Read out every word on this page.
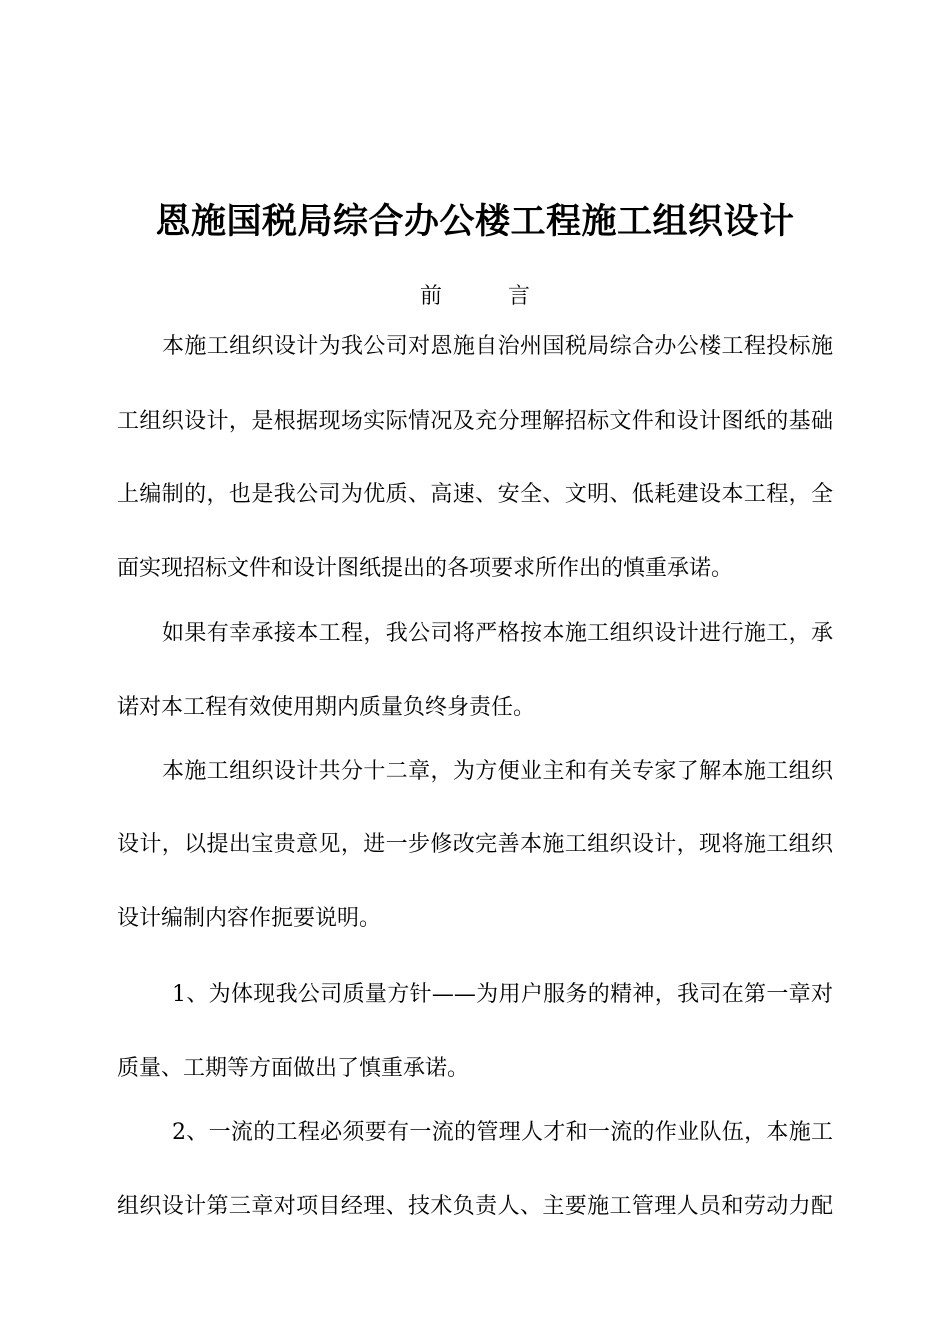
恩施国税局综合办公楼工程施工组织设计
前　　　言
本施工组织设计为我公司对恩施自治州国税局综合办公楼工程投标施
工组织设计，是根据现场实际情况及充分理解招标文件和设计图纸的基础
上编制的，也是我公司为优质、高速、安全、文明、低耗建设本工程，全
面实现招标文件和设计图纸提出的各项要求所作出的慎重承诺。
如果有幸承接本工程，我公司将严格按本施工组织设计进行施工，承
诺对本工程有效使用期内质量负终身责任。
本施工组织设计共分十二章，为方便业主和有关专家了解本施工组织
设计，以提出宝贵意见，进一步修改完善本施工组织设计，现将施工组织
设计编制内容作扼要说明。
1、为体现我公司质量方针——为用户服务的精神，我司在第一章对
质量、工期等方面做出了慎重承诺。
2、一流的工程必须要有一流的管理人才和一流的作业队伍，本施工
组织设计第三章对项目经理、技术负责人、主要施工管理人员和劳动力配
